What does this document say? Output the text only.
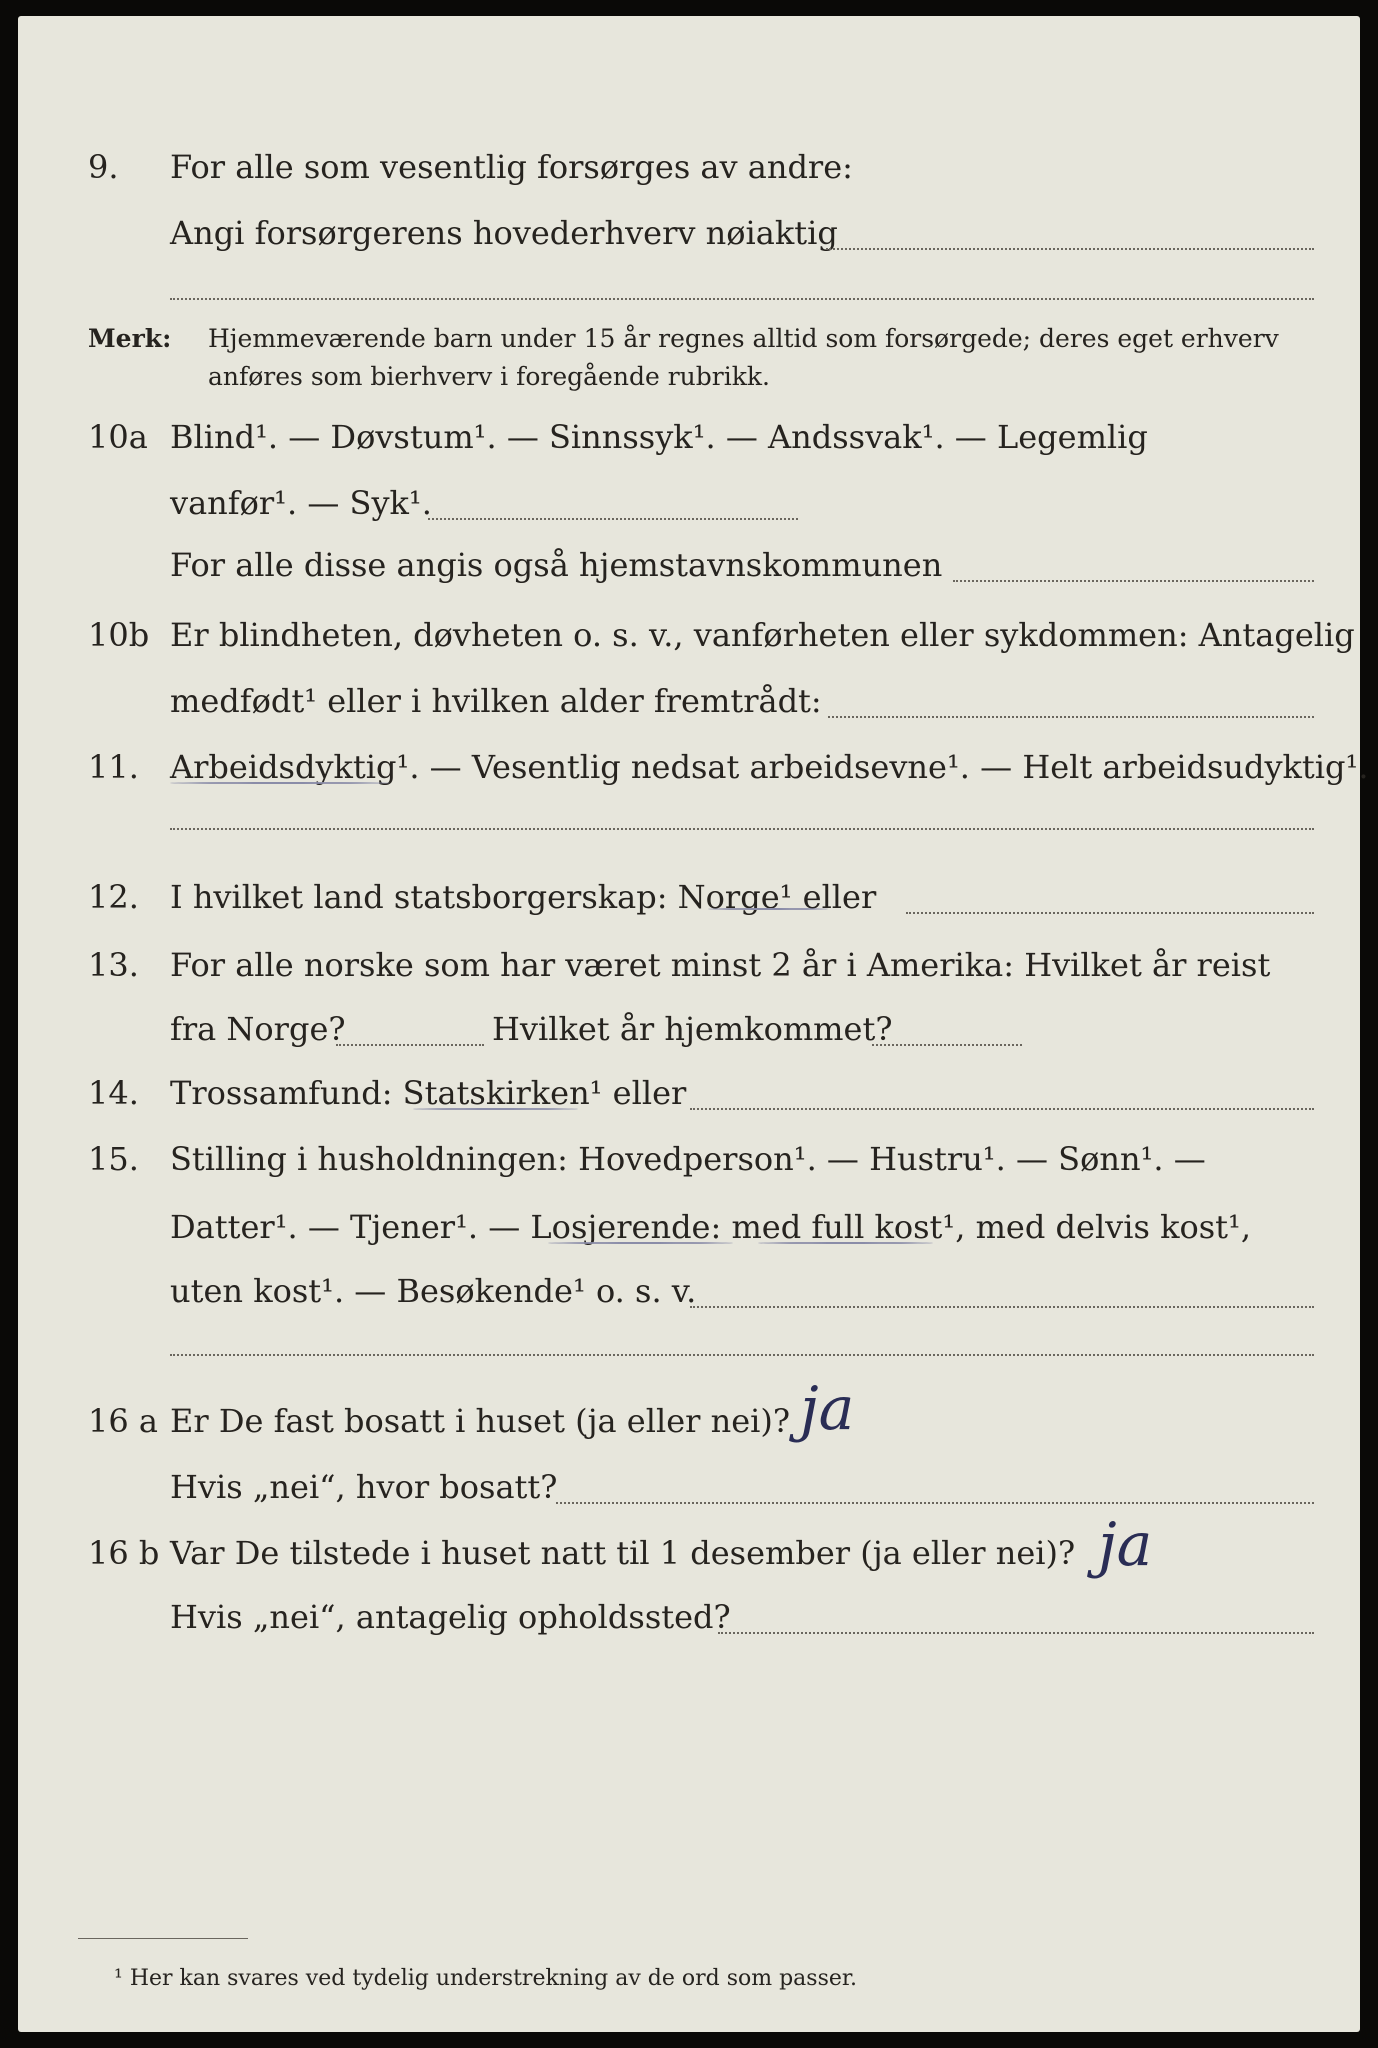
9. For alle som vesentlig forsørges av andre:
Angi forsørgerens hovederhverv nøiaktig
Merk: Hjemmeværende barn under 15 år regnes alltid som forsørgede; deres eget erhverv
anføres som bierhverv i foregående rubrikk.
10a Blind¹. — Døvstum¹. — Sinnssyk¹. — Andssvak¹. — Legemlig
vanfør¹. — Syk¹.
For alle disse angis også hjemstavnskommunen
10b Er blindheten, døvheten o. s. v., vanførheten eller sykdommen: Antagelig
medfødt¹ eller i hvilken alder fremtrådt:
11. Arbeidsdyktig¹. — Vesentlig nedsat arbeidsevne¹. — Helt arbeidsudyktig¹.
12. I hvilket land statsborgerskap: Norge¹ eller
13. For alle norske som har været minst 2 år i Amerika: Hvilket år reist
fra Norge?	Hvilket år hjemkommet?
14. Trossamfund: Statskirken¹ eller
15. Stilling i husholdningen: Hovedperson¹. — Hustru¹. — Sønn¹. —
Datter¹. — Tjener¹. — Losjerende: med full kost¹, med delvis kost¹,
uten kost¹. — Besøkende¹ o. s. v.
16 a Er De fast bosatt i huset (ja eller nei)? ja
Hvis „nei“, hvor bosatt?
16 b Var De tilstede i huset natt til 1 desember (ja eller nei)? ja
Hvis „nei“, antagelig opholdssted?
¹ Her kan svares ved tydelig understrekning av de ord som passer.
